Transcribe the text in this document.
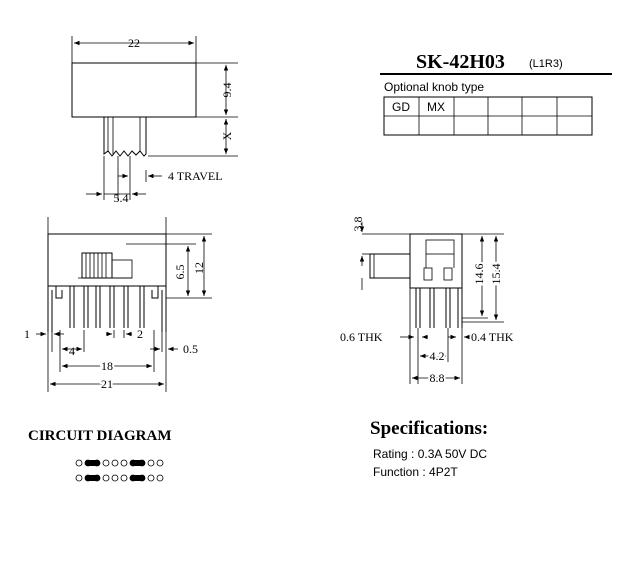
22
9.4
X
4 TRAVEL
5.4
SK-42H03 (L1R3)
Optional knob type
GD MX
6.5 12
1	2
4	0.5
18
21
3.8
14.6 15.4
0.6 THK	0.4 THK
4.2
8.8
CIRCUIT DIAGRAM	Specifications:
Rating : 0.3A 50V DC
Function : 4P2T
